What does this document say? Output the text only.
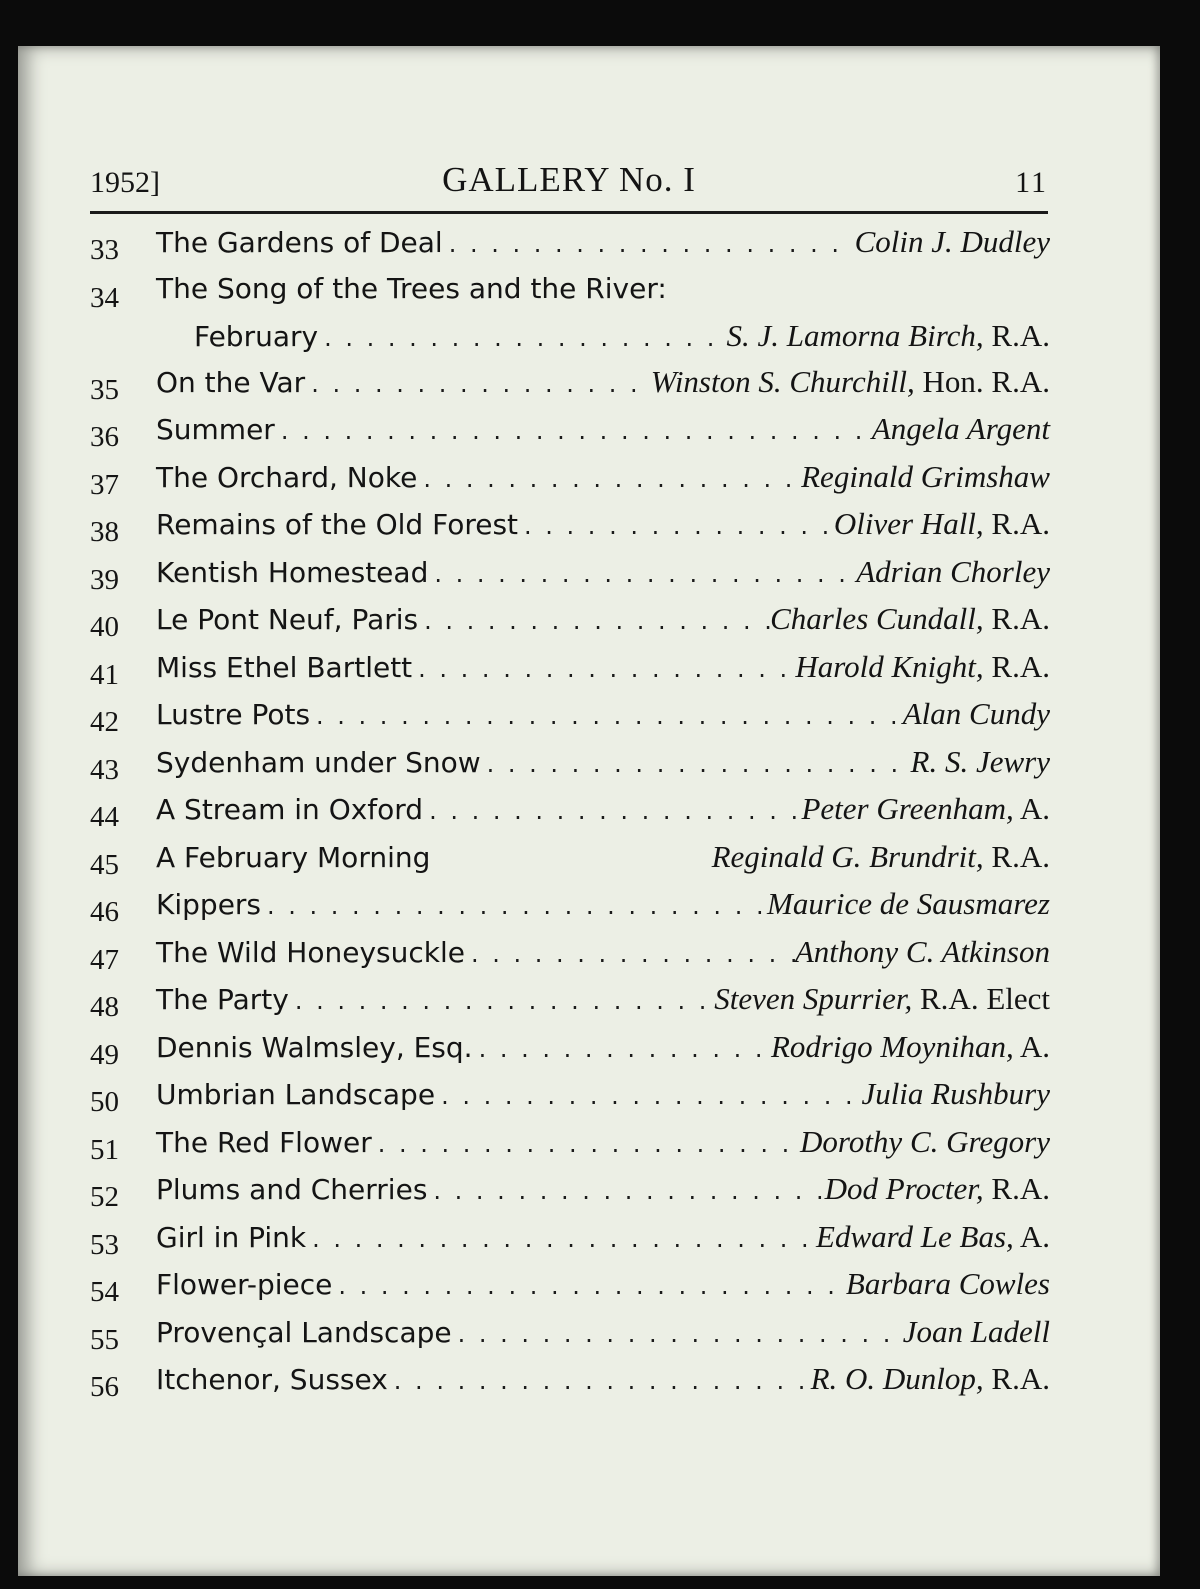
1952]	GALLERY No. I	11
33 The Gardens of Deal . .	Colin J. Dudley
34 The Song of the Trees and the River:
February . .	S. J. Lamorna Birch, R.A.
35 On the Var . .	Winston S. Churchill, Hon. R.A.
36 Summer . .	Angela Argent
37 The Orchard, Noke . .	Reginald Grimshaw
38 Remains of the Old Forest . .	Oliver Hall, R.A.
39 Kentish Homestead . .	Adrian Chorley
40 Le Pont Neuf, Paris . .	Charles Cundall, R.A.
41 Miss Ethel Bartlett . .	Harold Knight, R.A.
42 Lustre Pots . .	Alan Cundy
43 Sydenham under Snow . .	R. S. Jewry
44 A Stream in Oxford . .	Peter Greenham, A.
45 A February Morning	Reginald G. Brundrit, R.A.
46 Kippers . .	Maurice de Sausmarez
47 The Wild Honeysuckle . .	Anthony C. Atkinson
48 The Party . .	Steven Spurrier, R.A. Elect
49 Dennis Walmsley, Esq. . .	Rodrigo Moynihan, A.
50 Umbrian Landscape . .	Julia Rushbury
51 The Red Flower . .	Dorothy C. Gregory
52 Plums and Cherries . .	Dod Procter, R.A.
53 Girl in Pink . .	Edward Le Bas, A.
54 Flower-piece . .	Barbara Cowles
55 Provençal Landscape . .	Joan Ladell
56 Itchenor, Sussex . .	R. O. Dunlop, R.A.
